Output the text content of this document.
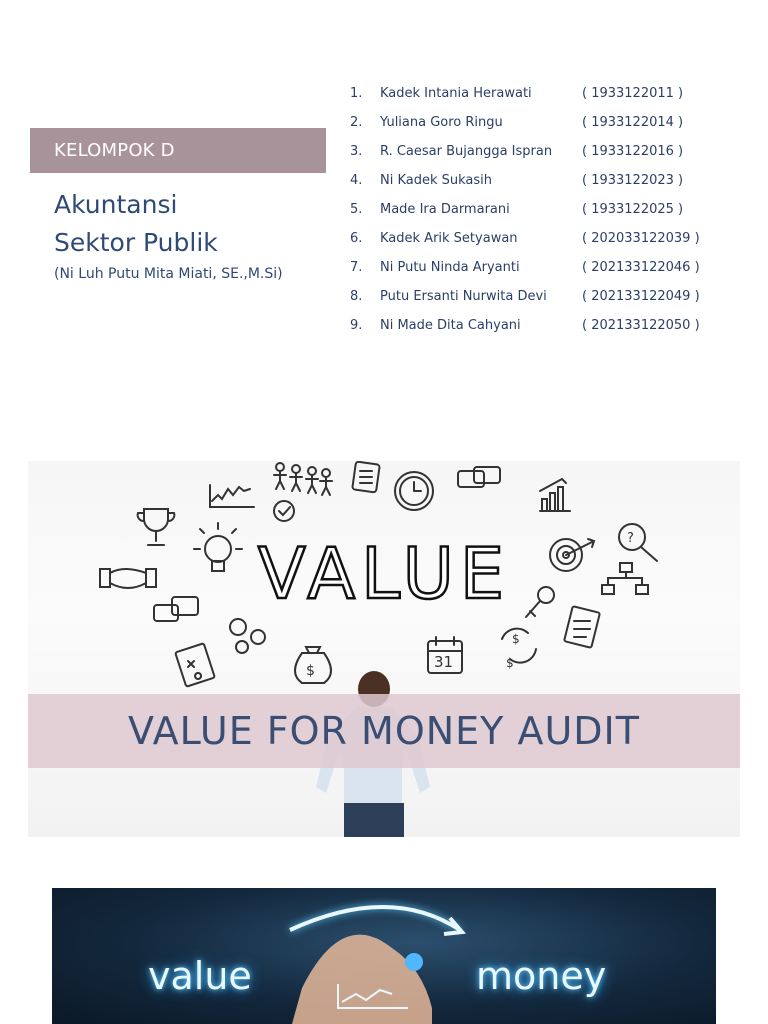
KELOMPOK D
Akuntansi
Sektor Publik
(Ni Luh Putu Mita Miati, SE.,M.Si)
1. Kadek Intania Herawati	( 1933122011 )
2. Yuliana Goro Ringu	( 1933122014 )
3. R. Caesar Bujangga Ispran ( 1933122016 )
4. Ni Kadek Sukasih	( 1933122023 )
5. Made Ira Darmarani	( 1933122025 )
6. Kadek Arik Setyawan	( 202033122039 )
7. Ni Putu Ninda Aryanti	( 202133122046 )
8. Putu Ersanti Nurwita Devi	( 202133122049 )
9. Ni Made Dita Cahyani	( 202133122050 )
$
$
$
?
VALUE
31
VALUE FOR MONEY AUDIT
value	money
